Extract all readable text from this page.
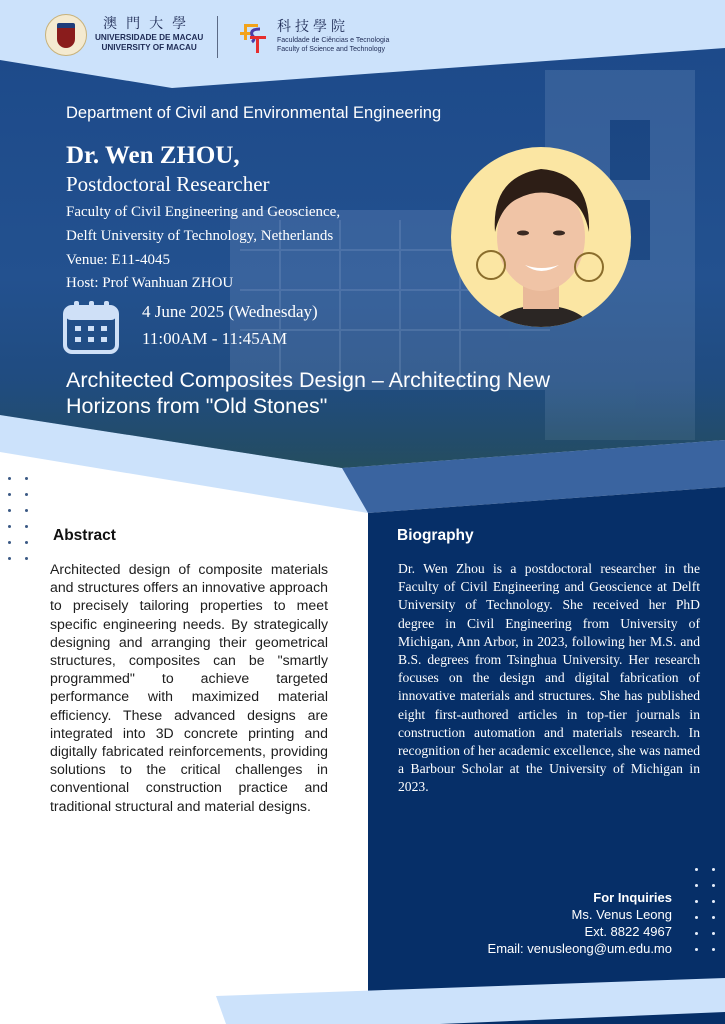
澳門大學
UNIVERSIDADE DE MACAU
UNIVERSITY OF MACAU
科技學院
Faculdade de Ciências e Tecnologia
Faculty of Science and Technology
Department of Civil and Environmental Engineering
Dr. Wen ZHOU,
Postdoctoral Researcher
Faculty of Civil Engineering and Geoscience,
Delft University of Technology, Netherlands
Venue: E11-4045
Host: Prof Wanhuan ZHOU
4 June 2025 (Wednesday)
11:00AM - 11:45AM
Architected Composites Design – Architecting New
Horizons from "Old Stones"
Abstract
Architected design of composite materials and structures offers an innovative approach to precisely tailoring properties to meet specific engineering needs. By strategically designing and arranging their geometrical structures, composites can be "smartly programmed" to achieve targeted performance with maximized material efficiency. These advanced designs are integrated into 3D concrete printing and digitally fabricated reinforcements, providing solutions to the critical challenges in conventional construction practice and traditional structural and material designs.
Biography
Dr. Wen Zhou is a postdoctoral researcher in the Faculty of Civil Engineering and Geoscience at Delft University of Technology. She received her PhD degree in Civil Engineering from University of Michigan, Ann Arbor, in 2023, following her M.S. and B.S. degrees from Tsinghua University. Her research focuses on the design and digital fabrication of innovative materials and structures. She has published eight first-authored articles in top-tier journals in construction automation and materials research. In recognition of her academic excellence, she was named a Barbour Scholar at the University of Michigan in 2023.
For Inquiries
Ms. Venus Leong
Ext. 8822 4967
Email: venusleong@um.edu.mo
